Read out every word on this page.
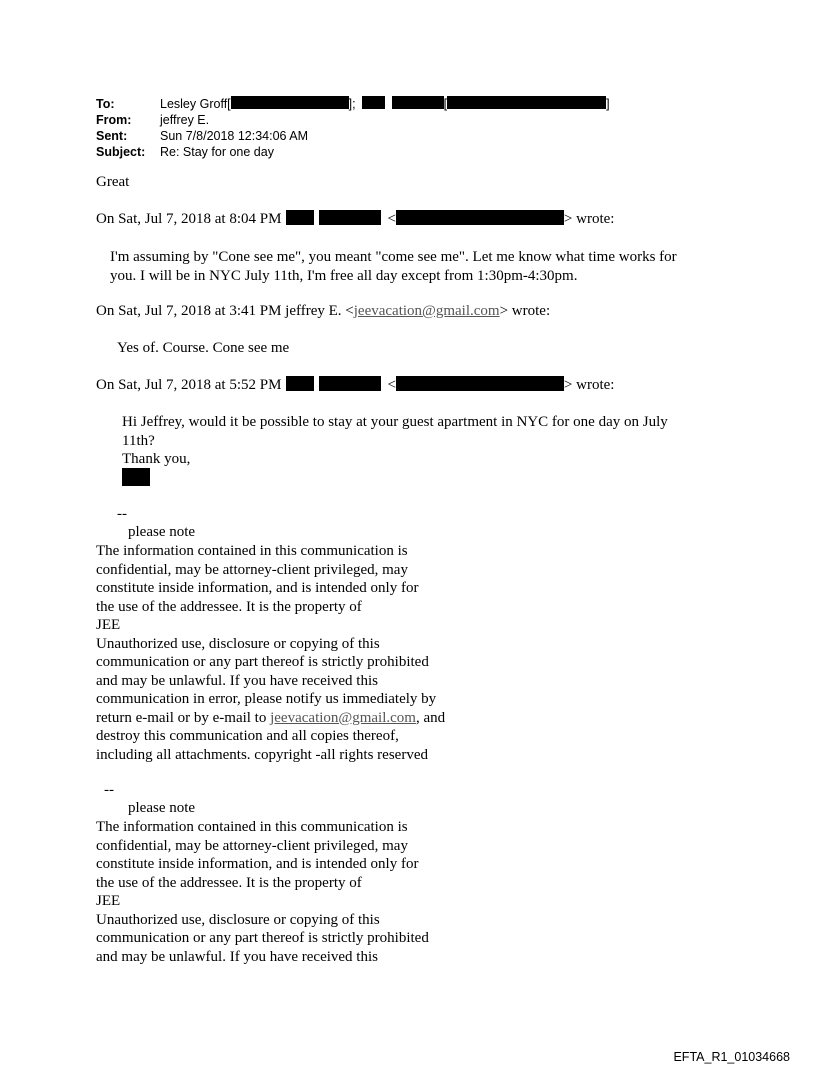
To:	Lesley Groff[	];	[	]
From:	jeffrey E.
Sent:	Sun 7/8/2018 12:34:06 AM
Subject:	Re: Stay for one day
Great
On Sat, Jul 7, 2018 at 8:04 PM	<	> wrote:
I'm assuming by "Cone see me", you meant "come see me". Let me know what time works for
you. I will be in NYC July 11th, I'm free all day except from 1:30pm-4:30pm.
On Sat, Jul 7, 2018 at 3:41 PM jeffrey E. <jeevacation@gmail.com> wrote:
Yes of. Course. Cone see me
On Sat, Jul 7, 2018 at 5:52 PM	<	> wrote:
Hi Jeffrey, would it be possible to stay at your guest apartment in NYC for one day on July
11th?
Thank you,
--
please note
The information contained in this communication is
confidential, may be attorney-client privileged, may
constitute inside information, and is intended only for
the use of the addressee. It is the property of
JEE
Unauthorized use, disclosure or copying of this
communication or any part thereof is strictly prohibited
and may be unlawful. If you have received this
communication in error, please notify us immediately by
return e-mail or by e-mail to jeevacation@gmail.com, and
destroy this communication and all copies thereof,
including all attachments. copyright -all rights reserved
--
please note
The information contained in this communication is
confidential, may be attorney-client privileged, may
constitute inside information, and is intended only for
the use of the addressee. It is the property of
JEE
Unauthorized use, disclosure or copying of this
communication or any part thereof is strictly prohibited
and may be unlawful. If you have received this
EFTA_R1_01034668
